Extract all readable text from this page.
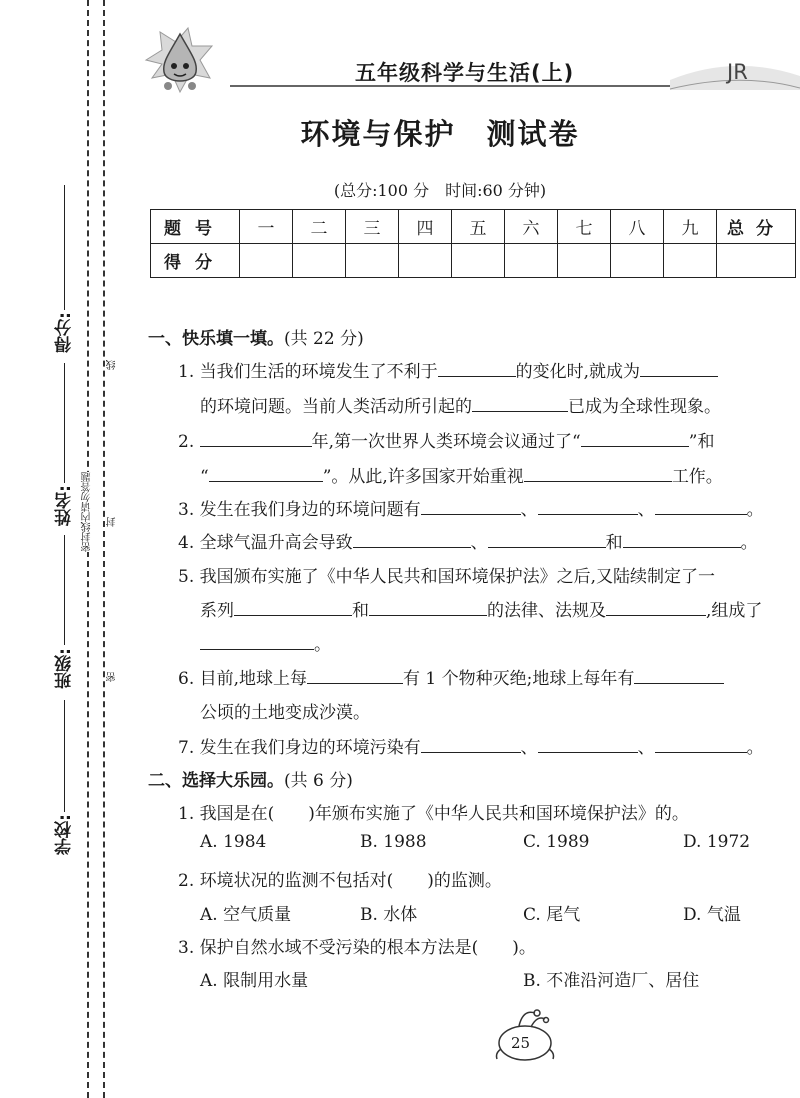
得分:
姓名:
班级:
学校:
线
密封线内请勿答题 封
密
五年级科学与生活(上)	JR
环境与保护　测试卷
(总分:100 分　时间:60 分钟)
题号	一	二	三	四	五	六	七	八	九	总分
得分										
一、快乐填一填。(共 22 分)
1. 当我们生活的环境发生了不利于	的变化时,就成为
的环境问题。当前人类活动所引起的	已成为全球性现象。
2.	年,第一次世界人类环境会议通过了“	”和
“	”。从此,许多国家开始重视	工作。
3. 发生在我们身边的环境问题有	、	、	。
4. 全球气温升高会导致	、	和	。
5. 我国颁布实施了《中华人民共和国环境保护法》之后,又陆续制定了一
系列	和	的法律、法规及	,组成了
。
6. 目前,地球上每	有 1 个物种灭绝;地球上每年有
公顷的土地变成沙漠。
7. 发生在我们身边的环境污染有	、	、	。
二、选择大乐园。(共 6 分)
1. 我国是在(　　)年颁布实施了《中华人民共和国环境保护法》的。
A. 1984	B. 1988	C. 1989	D. 1972
2. 环境状况的监测不包括对(　　)的监测。
A. 空气质量	B. 水体	C. 尾气	D. 气温
3. 保护自然水域不受污染的根本方法是(　　)。
A. 限制用水量	B. 不准沿河造厂、居住
25
